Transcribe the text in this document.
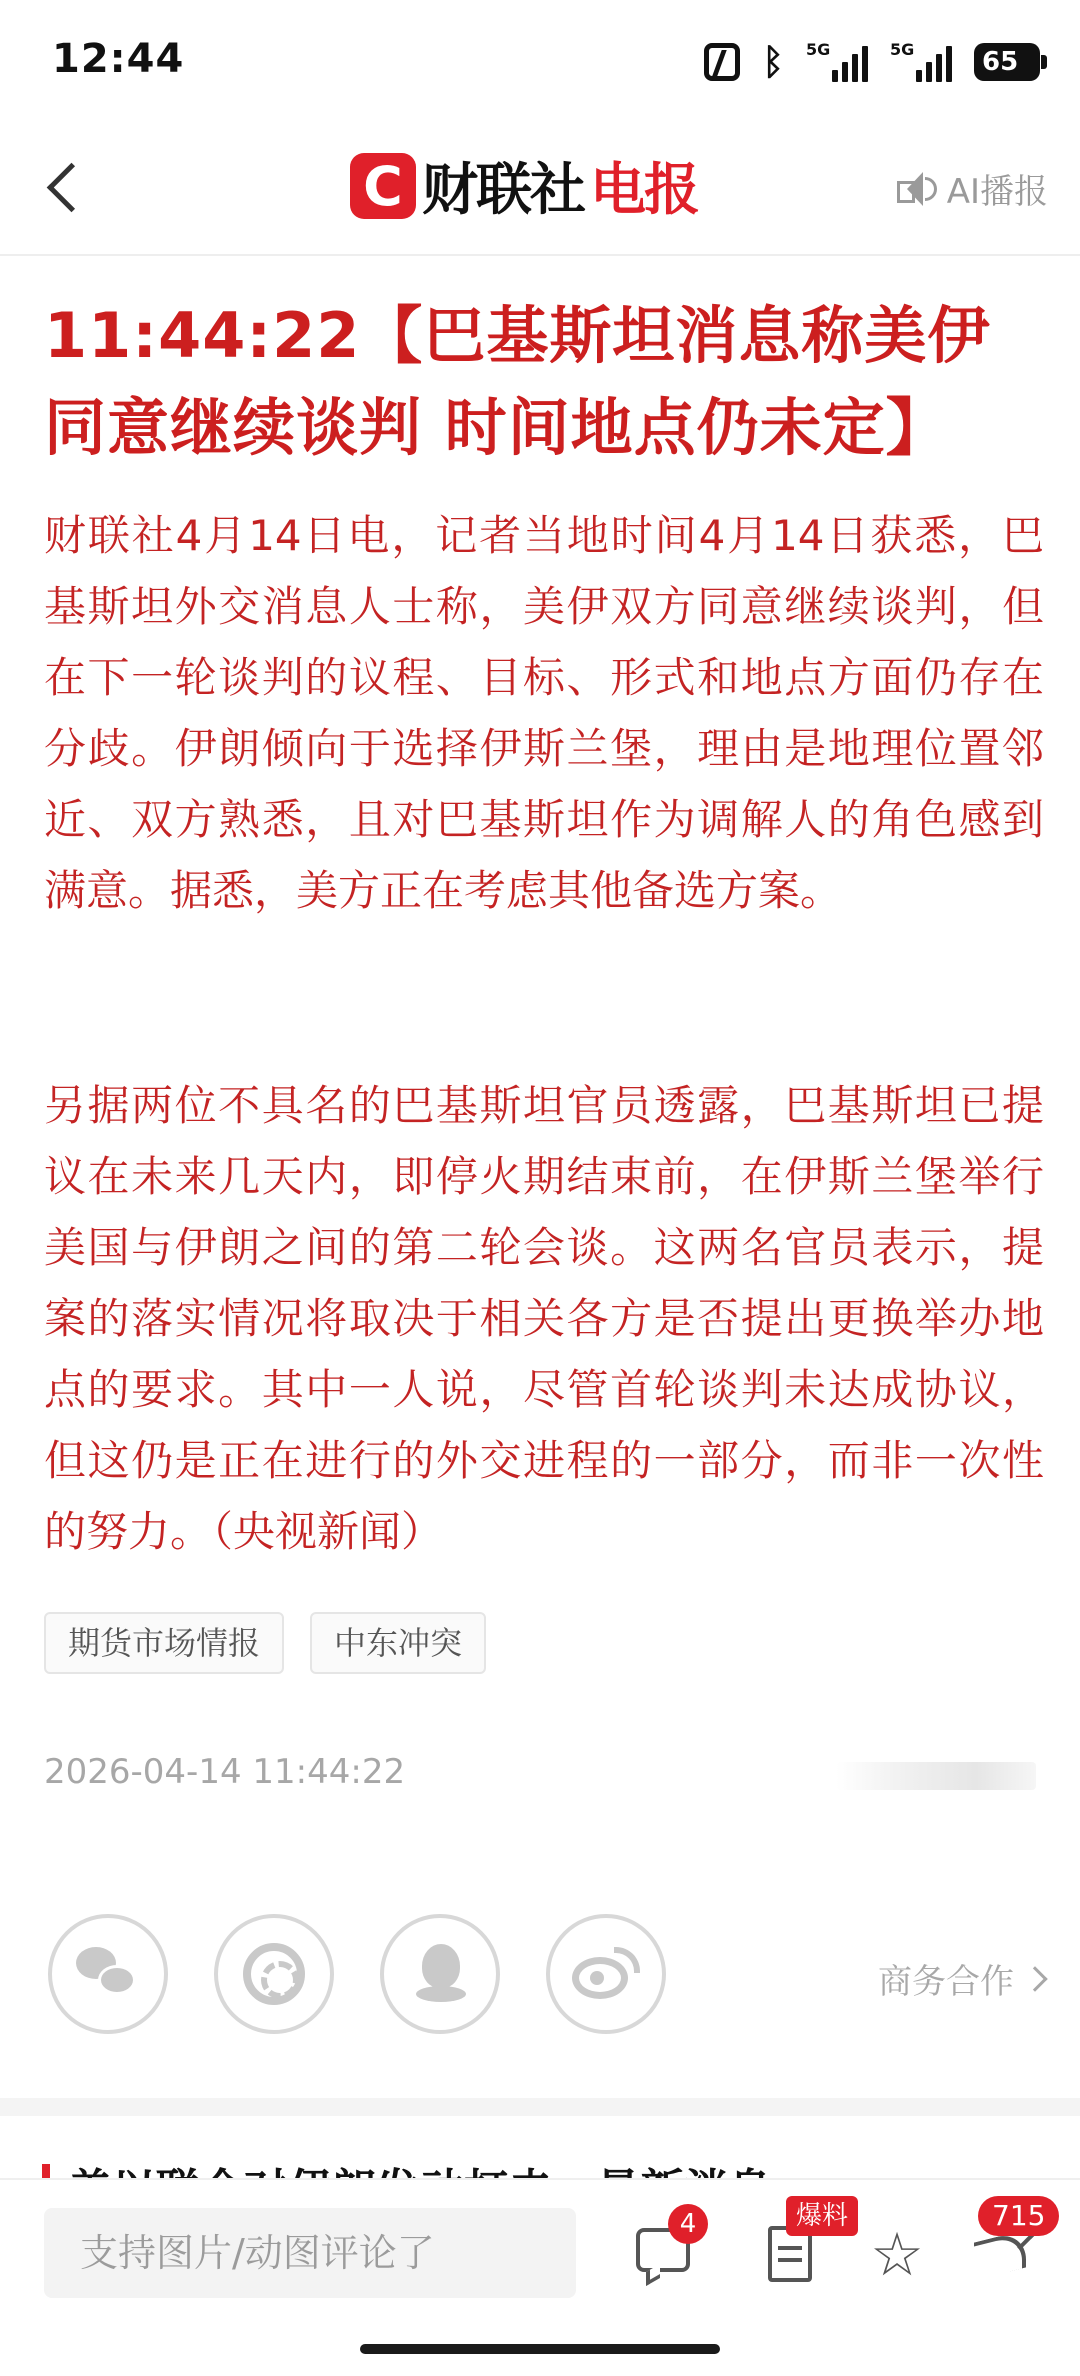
12:44	ᛒ 5G	5G	65
C 财联社 电报	AI播报
11:44:22【巴基斯坦消息称美伊同意继续谈判 时间地点仍未定】
财联社4月14日电，记者当地时间4月14日获悉，巴基斯坦外交消息人士称，美伊双方同意继续谈判，但在下一轮谈判的议程、目标、形式和地点方面仍存在分歧。伊朗倾向于选择伊斯兰堡，理由是地理位置邻近、双方熟悉，且对巴基斯坦作为调解人的角色感到满意。据悉，美方正在考虑其他备选方案。
另据两位不具名的巴基斯坦官员透露，巴基斯坦已提议在未来几天内，即停火期结束前，在伊斯兰堡举行美国与伊朗之间的第二轮会谈。这两名官员表示，提案的落实情况将取决于相关各方是否提出更换举办地点的要求。其中一人说，尽管首轮谈判未达成协议，但这仍是正在进行的外交进程的一部分，而非一次性的努力。（央视新闻）
期货市场情报	中东冲突
2026-04-14 11:44:22
商务合作
支持图片/动图评论了
4	爆料
☆
715
